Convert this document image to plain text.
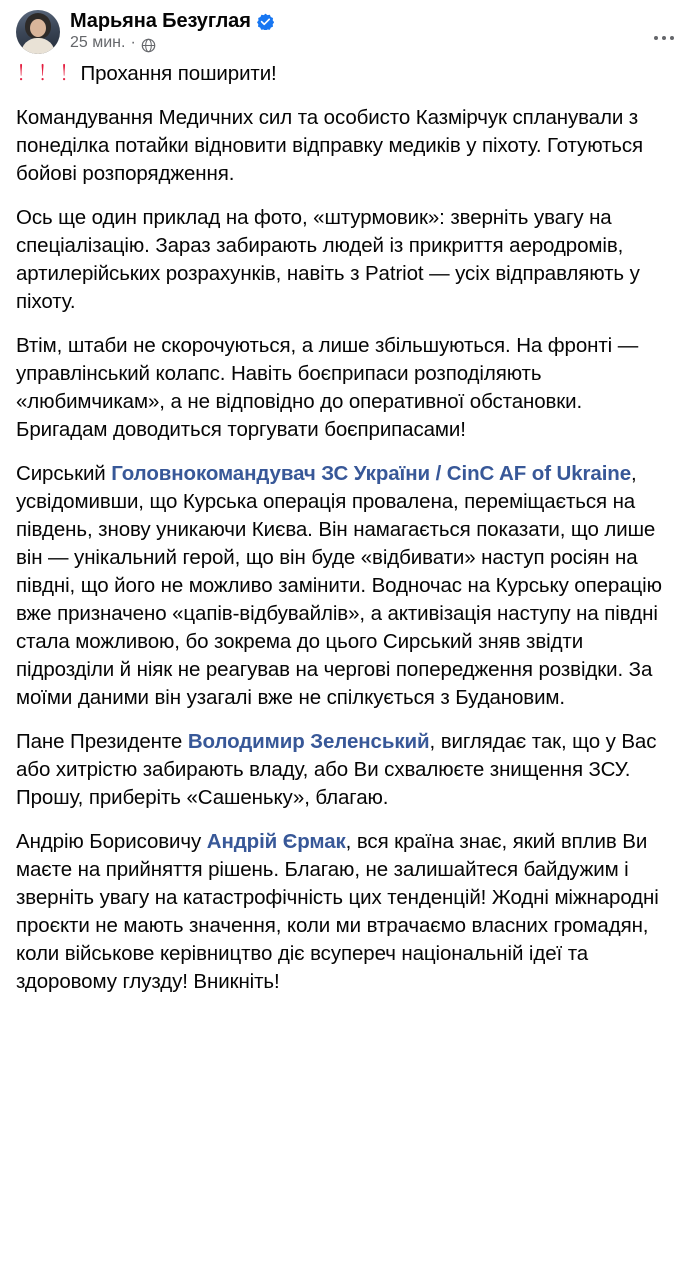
Марьяна Безуглая
25 мин. ·

！！！Прохання поширити!

Командування Медичних сил та особисто Казмірчук спланували з понеділка потайки відновити відправку медиків у піхоту. Готуються бойові розпорядження.

Ось ще один приклад на фото, «штурмовик»: зверніть увагу на спеціалізацію. Зараз забирають людей із прикриття аеродромів, артилерійських розрахунків, навіть з Patriot — усіх відправляють у піхоту.

Втім, штаби не скорочуються, а лише збільшуються. На фронті — управлінський колапс. Навіть боєприпаси розподіляють «любимчикам», а не відповідно до оперативної обстановки. Бригадам доводиться торгувати боєприпасами!

Сирський Головнокомандувач ЗС України / CinC AF of Ukraine, усвідомивши, що Курська операція провалена, переміщається на південь, знову уникаючи Києва. Він намагається показати, що лише він — унікальний герой, що він буде «відбивати» наступ росіян на півдні, що його не можливо замінити. Водночас на Курську операцію вже призначено «цапів-відбувайлів», а активізація наступу на півдні стала можливою, бо зокрема до цього Сирський зняв звідти підрозділи й ніяк не реагував на чергові попередження розвідки. За моїми даними він узагалі вже не спілкується з Будановим.

Пане Президенте Володимир Зеленський, виглядає так, що у Вас або хитрістю забирають владу, або Ви схвалюєте знищення ЗСУ. Прошу, приберіть «Сашеньку», благаю.

Андрію Борисовичу Андрій Єрмак, вся країна знає, який вплив Ви маєте на прийняття рішень. Благаю, не залишайтеся байдужим і зверніть увагу на катастрофічність цих тенденцій! Жодні міжнародні проєкти не мають значення, коли ми втрачаємо власних громадян, коли військове керівництво діє всупереч національній ідеї та здоровому глузду! Вникніть!
